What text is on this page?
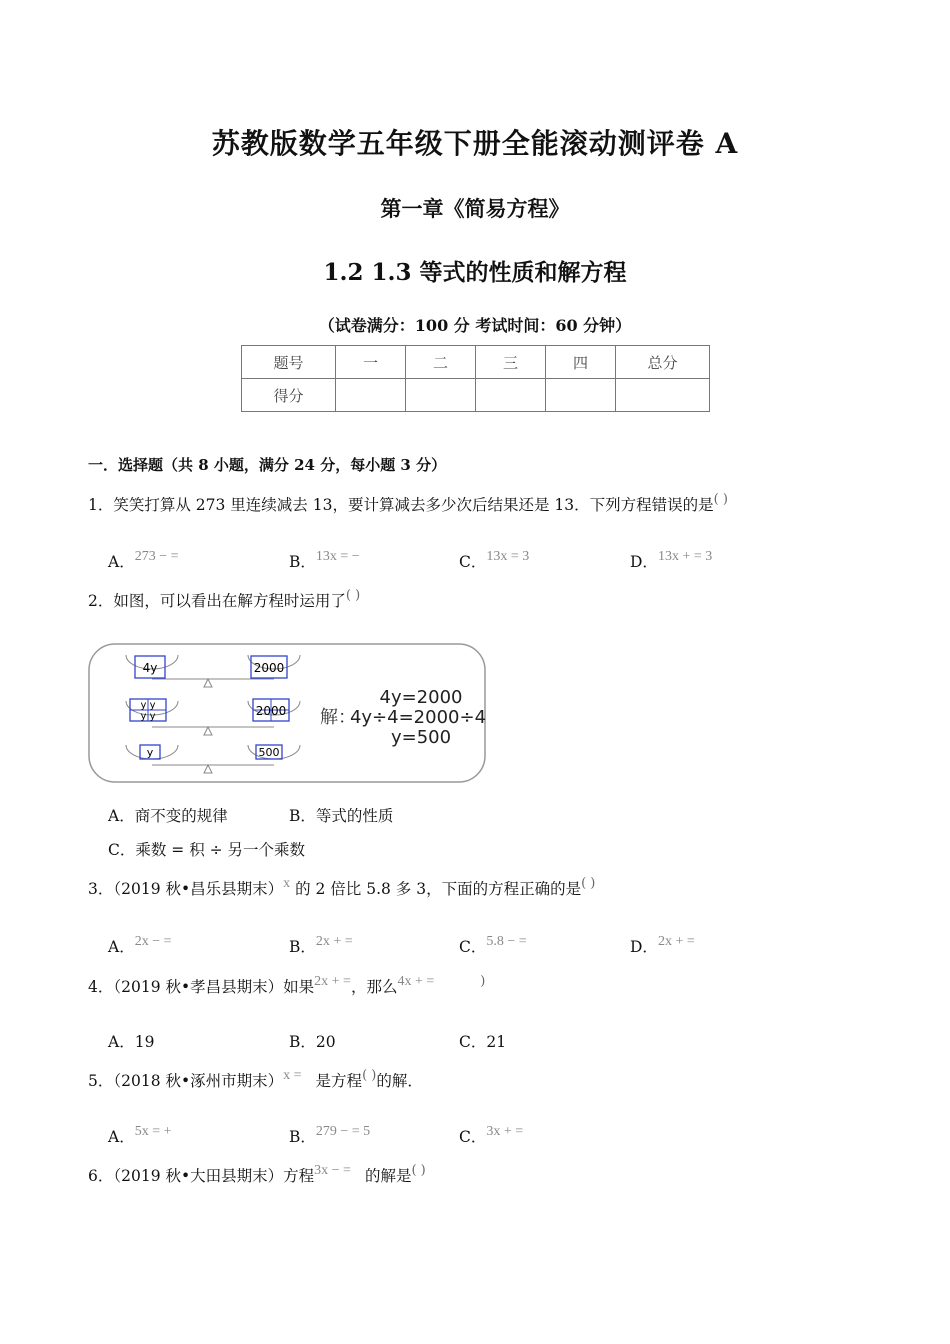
苏教版数学五年级下册全能滚动测评卷 A
第一章《简易方程》
1.2 1.3 等式的性质和解方程
（试卷满分：100 分 考试时间：60 分钟）
题号	一	二	三	四	总分
得分					
一．选择题（共 8 小题，满分 24 分，每小题 3 分）
1．笑笑打算从 273 里连续减去 13，要计算减去多少次后结果还是 13．下列方程错误的是( )
A．273 − =	B．13x = −	C．13x = 3	D．13x + = 3
2．如图，可以看出在解方程时运用了( )
4y	2000
y y
y y	2000
y	500
解：
4y=2000
4y÷4=2000÷4
y=500
A．商不变的规律	B．等式的性质
C．乘数 = 积 ÷ 另一个乘数
3．（2019 秋•昌乐县期末）x 的 2 倍比 5.8 多 3，下面的方程正确的是( )
A．2x − =	B．2x + =	C．5.8 − =	D．2x + =
4．（2019 秋•孝昌县期末）如果2x + =，那么4x + =	)
A．19	B．20	C．21
5．（2018 秋•涿州市期末）x = 是方程( )的解．
A．5x = +	B．279 − = 5	C．3x + =
6．（2019 秋•大田县期末）方程3x − = 的解是( )
